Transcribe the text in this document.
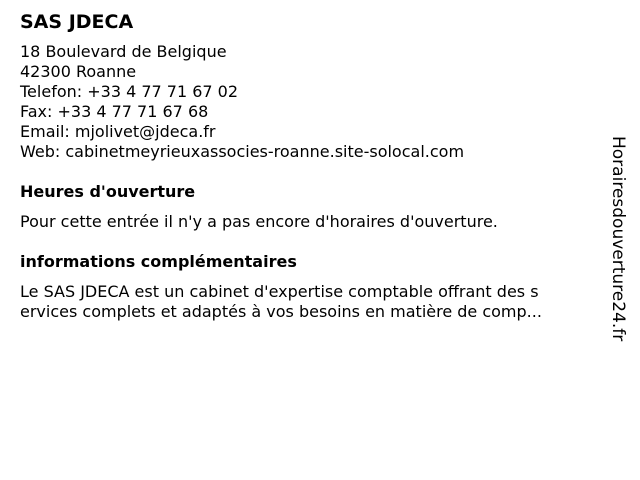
SAS JDECA
18 Boulevard de Belgique
42300 Roanne
Telefon: +33 4 77 71 67 02
Fax: +33 4 77 71 67 68
Email: mjolivet@jdeca.fr
Web: cabinetmeyrieuxassocies-roanne.site-solocal.com
Heures d'ouverture
Pour cette entrée il n'y a pas encore d'horaires d'ouverture.
informations complémentaires
Le SAS JDECA est un cabinet d'expertise comptable offrant des s
ervices complets et adaptés à vos besoins en matière de comp...	Horairesdouverture24.fr
